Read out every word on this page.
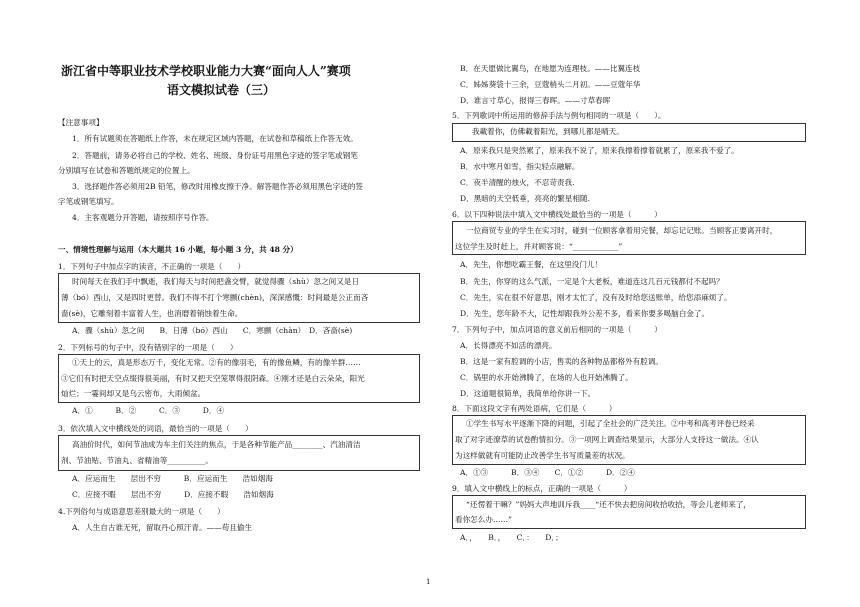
浙江省中等职业技术学校职业能力大赛“面向人人”赛项
语文模拟试卷（三）
【注意事项】
1．所有试题须在答题纸上作答，未在规定区域内答题，在试卷和草稿纸上作答无效。
2．答题前，请务必将自己的学校、姓名、班级、身份证号用黑色字迹的签字笔或钢笔
分别填写在试卷和答题纸规定的位置上。
3．选择题作答必须用2B 铅笔，修改时用橡皮擦干净。解答题作答必须用黑色字迹的签
字笔或钢笔填写。
4．主客观题分开答题，请按照序号作答。
一、情境性理解与运用（本大题共 16 小题，每小题 3 分，共 48 分）
1．下列句子中加点字的读音，不正确的一项是（　　）
时间每天在我们手中飘逝，我们每天与时间把盏交臂，就觉得骤（shù）忽之间又是日
薄（bó）西山，又是四时更替。我们不得不打个寒颤(chèn)，深深感慨：时间最是公正而吝
啬(sè)，它雕刻着丰富着人生，也消磨着销蚀着生命。
A．骤（shù）忽之间　　B．日薄（bó）西山　　C．寒颤（chàn）　D．吝啬(sè)
2．下列标号的句子中，没有错别字的一项是（　　）
①天上的云，真是形态万千，变化无常。②有的像羽毛，有的像鱼鳞，有的像羊群……
③它们有时把天空点缀得很美丽，有时又把天空笼罩得很阴森。④刚才还是白云朵朵，阳光
灿烂；一霎间却又是乌云密布，大雨倾盆。
A．①　　　B．②　　　C．③　　　D．④
3．依次填入文中横线处的词语，最恰当的一项是（　　）
高油价时代，如何节油成为车主们关注的焦点，于是各种节能产品________、汽油清洁
剂、节油贴、节油丸、省精油等__________。
A．应运而生　　层出不穷　　　B．应运而生　　浩如烟海
C．应接不暇　　层出不穷　　　D．应接不暇　　浩如烟海
4.下列俗句与成语意思差别最大的一项是（　　）
A．人生自古谁无死，留取丹心照汗青。——苟且偷生
B．在天愿做比翼鸟，在地愿为连理枝。——比翼连枝
C．姊姊葵袋十三余，豆蔻梢头二月初。——豆蔻年华
D．谁言寸草心，报得三春晖。——寸草春晖
5．下列歌词中所运用的修辞手法与例句相同的一项是（　　）。
我載着你，仿佛載着阳光，到哪儿都是晴天。
A．原来我只是突然累了，原来我不说了，原来我撑着撑着就累了，原来我不爱了。
B．水中寒月如雪，指尖轻点融解。
C．夜半清醒的烛火，不忍苛责我.
D．黑暗的天空低垂，亮亮的繁星相随.
6．以下四种说法中填入文中横线处最恰当的一项是（　　　）
一位商贸专业的学生在实习时，碰到一位顾客拿着用完餐，却忘记记账。当顾客正要离开时，
这位学生及时赶上，并对顾客说：“____________”
A．先生，你想吃霸王餐，在这里没门儿！
B．先生，你穿的这么气派，一定是个大老板，难道连这几百元钱都付不起吗？
C．先生，实在很不好意思，刚才太忙了，没有及时给您送账单，给您添麻烦了。
D．先生，您年龄不大，记性却跟我外公差不多，看来你要多喝脑白金了。
7．下列句子中，加点词语的意义前后相同的一项是（　　　）
A．长得漂亮不如活的漂亮。
B．这是一家有腔调的小店，售卖的各种物品都格外有腔调。
C．锅里的水开始沸腾了，在场的人也开始沸腾了。
D．这道题很简单，我简单给你讲一下。
8．下面这段文字有两处语病，它们是（　　　）
①学生书写水平逐渐下降的问题，引起了全社会的广泛关注。②中考和高考评卷已经采
取了对字迹潦草的试卷酌情扣分。③一项网上调查结果显示，大部分人支持这一做法。④认
为这样做就有可能防止改善学生书写质量差的状况。
A．①③　　　B．③④　　C．①②　　　D．②④
9．填入文中横线上的标点，正确的一项是（　　　）
“还愣着干嘛？”妈妈大声地训斥我____“还不快去把房间收拾收拾，等会儿老师来了，
看你怎么办……”
A．，　　B．，　　C．：　　D．；
1
